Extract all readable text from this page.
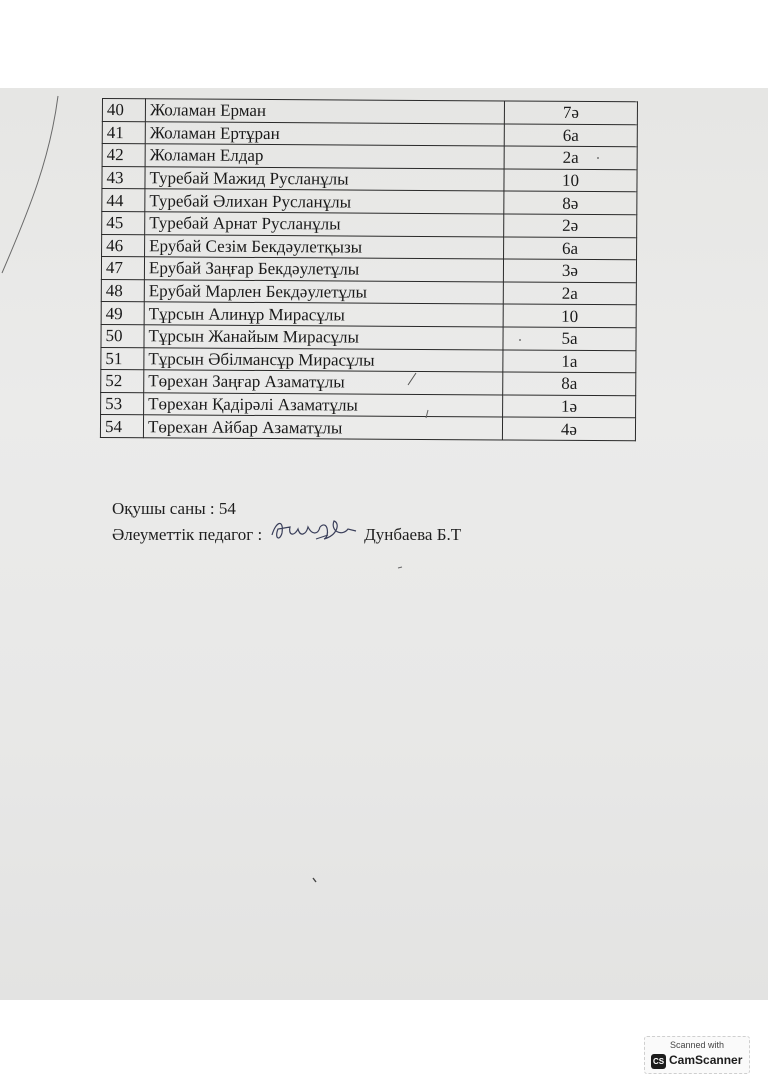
40	Жоламан Ерман	7ә
41	Жоламан Ертұран	6а
42	Жоламан Елдар	2а
43	Туребай Мажид Русланұлы	10
44	Туребай Әлихан Русланұлы	8ә
45	Туребай Арнат Русланұлы	2ә
46	Ерубай Сезім Бекдәулетқызы	6а
47	Ерубай Заңғар Бекдәулетұлы	3ә
48	Ерубай Марлен Бекдәулетұлы	2а
49	Тұрсын Алинұр Мирасұлы	10
50	Тұрсын Жанайым Мирасұлы	5а
51	Тұрсын Әбілмансұр Мирасұлы	1а
52	Төрехан Заңғар Азаматұлы	8а
53	Төрехан Қадірәлі Азаматұлы	1ә
54	Төрехан Айбар Азаматұлы	4ә
Оқушы саны : 54
Әлеуметтік педагог :	Дунбаева Б.Т
Scanned with
CS CamScanner
